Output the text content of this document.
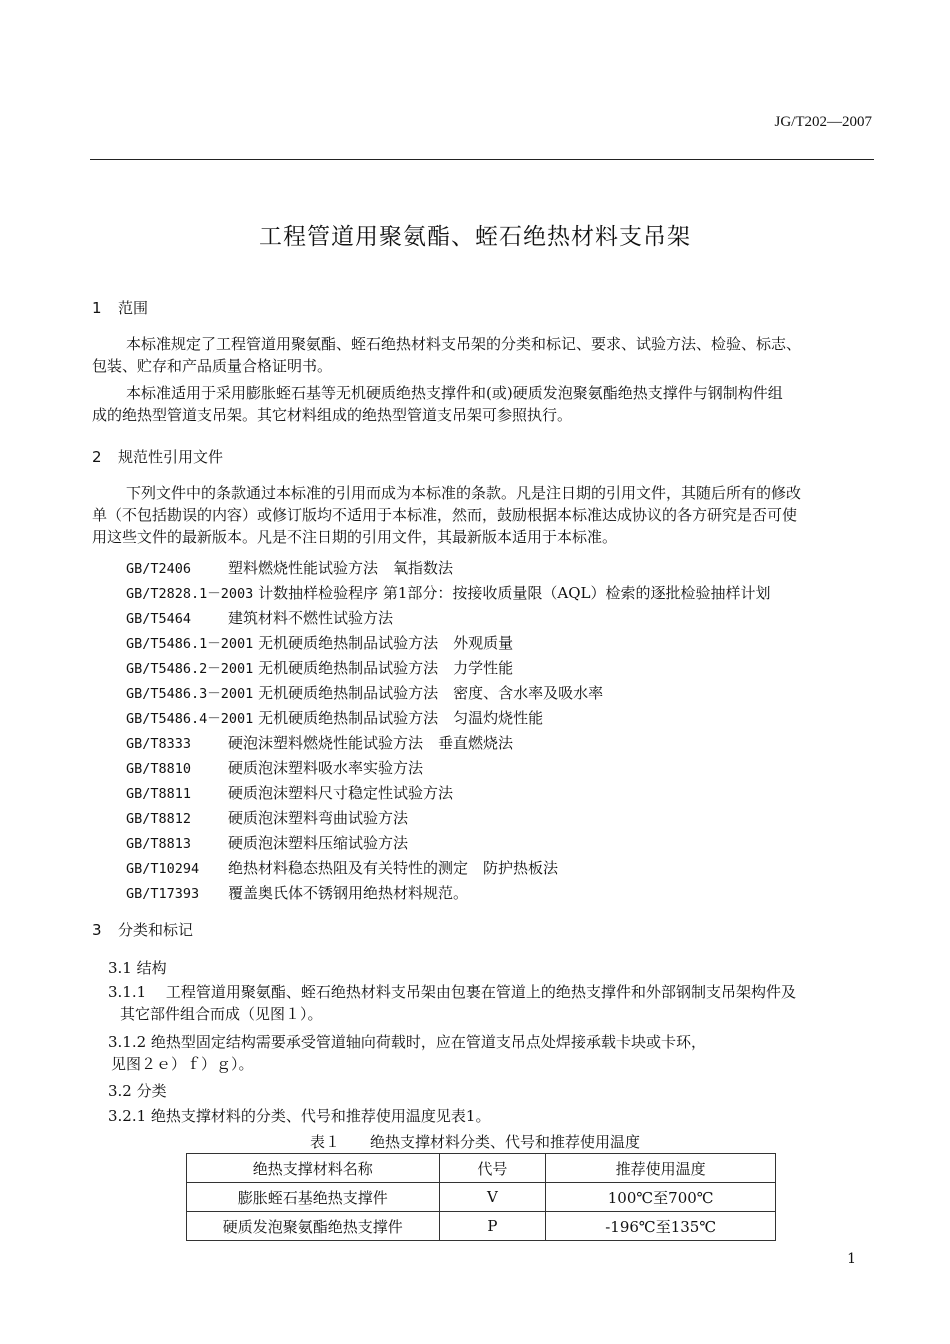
JG/T202—2007
工程管道用聚氨酯、蛭石绝热材料支吊架
1 范围
本标准规定了工程管道用聚氨酯、蛭石绝热材料支吊架的分类和标记、要求、试验方法、检验、标志、
包装、贮存和产品质量合格证明书。
本标准适用于采用膨胀蛭石基等无机硬质绝热支撑件和(或)硬质发泡聚氨酯绝热支撑件与钢制构件组
成的绝热型管道支吊架。其它材料组成的绝热型管道支吊架可参照执行。
2 规范性引用文件
下列文件中的条款通过本标准的引用而成为本标准的条款。凡是注日期的引用文件，其随后所有的修改
单（不包括勘误的内容）或修订版均不适用于本标准，然而，鼓励根据本标准达成协议的各方研究是否可使
用这些文件的最新版本。凡是不注日期的引用文件，其最新版本适用于本标准。
GB/T2406 塑料燃烧性能试验方法　氧指数法
GB/T2828.1－2003 计数抽样检验程序 第1部分：按接收质量限（AQL）检索的逐批检验抽样计划
GB/T5464 建筑材料不燃性试验方法
GB/T5486.1－2001 无机硬质绝热制品试验方法　外观质量
GB/T5486.2－2001 无机硬质绝热制品试验方法　力学性能
GB/T5486.3－2001 无机硬质绝热制品试验方法　密度、含水率及吸水率
GB/T5486.4－2001 无机硬质绝热制品试验方法　匀温灼烧性能
GB/T8333 硬泡沫塑料燃烧性能试验方法　垂直燃烧法
GB/T8810 硬质泡沫塑料吸水率实验方法
GB/T8811 硬质泡沫塑料尺寸稳定性试验方法
GB/T8812 硬质泡沫塑料弯曲试验方法
GB/T8813 硬质泡沫塑料压缩试验方法
GB/T10294 绝热材料稳态热阻及有关特性的测定　防护热板法
GB/T17393 覆盖奥氏体不锈钢用绝热材料规范。
3 分类和标记
3.1 结构
3.1.1　 工程管道用聚氨酯、蛭石绝热材料支吊架由包裹在管道上的绝热支撑件和外部钢制支吊架构件及
其它部件组合而成（见图１）。
3.1.2 绝热型固定结构需要承受管道轴向荷载时，应在管道支吊点处焊接承载卡块或卡环，
见图２ｅ）ｆ）ｇ）。
3.2 分类
3.2.1 绝热支撑材料的分类、代号和推荐使用温度见表1。
表１　　绝热支撑材料分类、代号和推荐使用温度
绝热支撑材料名称	代号	推荐使用温度
膨胀蛭石基绝热支撑件	V	100℃至700℃
硬质发泡聚氨酯绝热支撑件	P	-196℃至135℃
1
